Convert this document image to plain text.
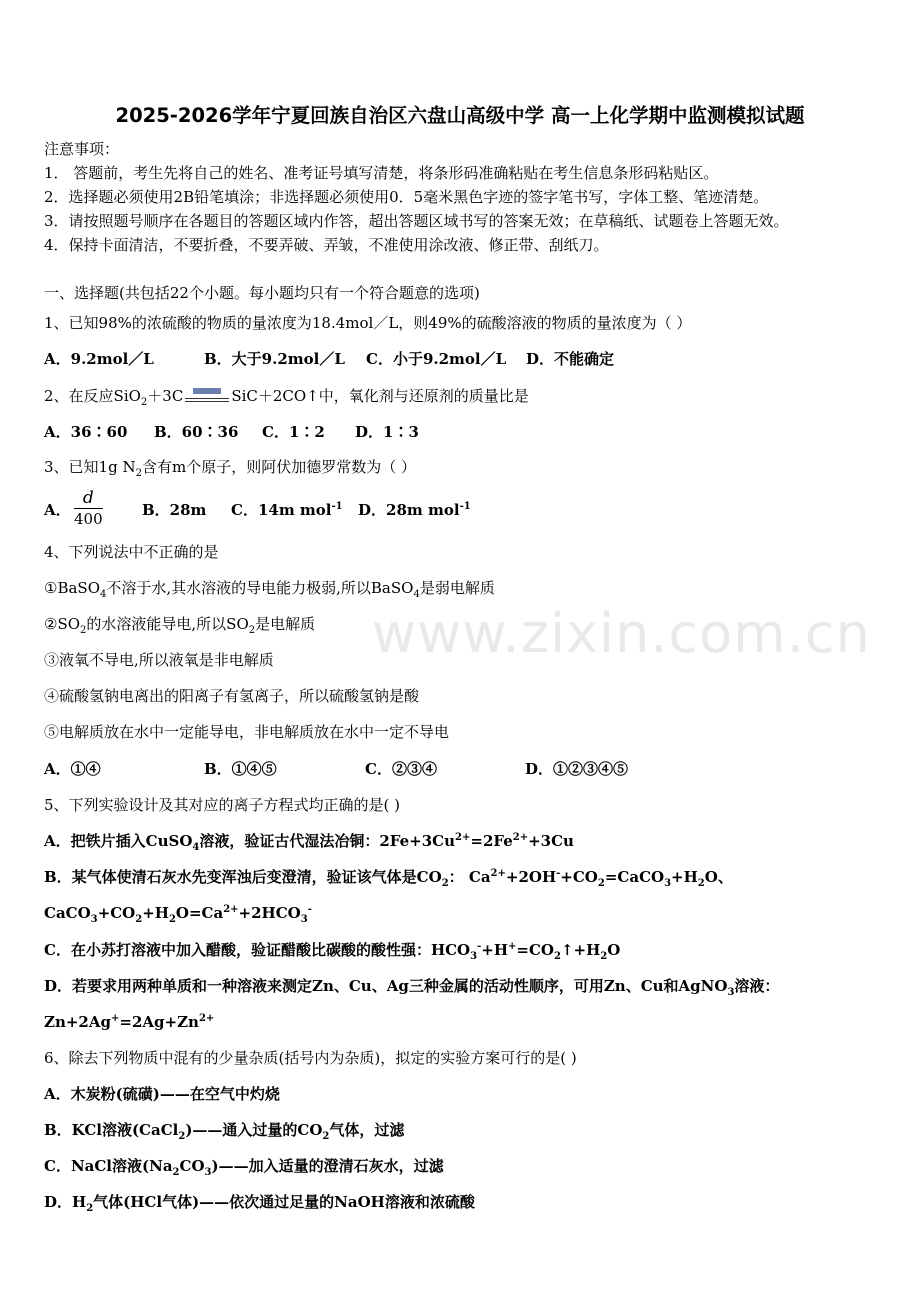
www.zixin.com.cn
2025-2026学年宁夏回族自治区六盘山高级中学 高一上化学期中监测模拟试题
注意事项：
1． 答题前，考生先将自己的姓名、准考证号填写清楚，将条形码准确粘贴在考生信息条形码粘贴区。
2．选择题必须使用2B铅笔填涂；非选择题必须使用0．5毫米黑色字迹的签字笔书写，字体工整、笔迹清楚。
3．请按照题号顺序在各题目的答题区域内作答，超出答题区域书写的答案无效；在草稿纸、试题卷上答题无效。
4．保持卡面清洁，不要折叠，不要弄破、弄皱，不准使用涂改液、修正带、刮纸刀。
一、选择题(共包括22个小题。每小题均只有一个符合题意的选项)
1、已知98%的浓硫酸的物质的量浓度为18.4mol／L，则49%的硫酸溶液的物质的量浓度为（ ）
A．9.2mol／L	B．大于9.2mol／L C．小于9.2mol／L D．不能确定
2、在反应SiO$_2$＋3C	SiC＋2CO↑中，氧化剂与还原剂的质量比是
A．36∶60 B．60∶36 C．1∶2 D．1∶3
3、已知1g $N_2$含有m个原子，则阿伏加德罗常数为（ ）
A． $\frac{d}{400}$	B．28m C．14m mol$^{-1}$ D．28m mol$^{-1}$
4、下列说法中不正确的是
①BaSO$_4$不溶于水,其水溶液的导电能力极弱,所以BaSO$_4$是弱电解质
$②SO_2$的水溶液能导电,所以$SO_2$是电解质
③液氧不导电,所以液氧是非电解质
④硫酸氢钠电离出的阳离子有氢离子，所以硫酸氢钠是酸
⑤电解质放在水中一定能导电，非电解质放在水中一定不导电
A．①④	B．①④⑤	C．②③④	D．①②③④⑤
5、下列实验设计及其对应的离子方程式均正确的是( )
A．把铁片插入CuSO$_4$溶液，验证古代湿法冶铜：$2Fe+3Cu^{2+}=2Fe^{2+}+3Cu$
B．某气体使清石灰水先变浑浊后变澄清，验证该气体是$CO_2$： $Ca^{2+}+2OH^-+CO_2=CaCO_3+H_2O$、
$CaCO_3+CO_2+H_2O=Ca^{2+}+2HCO_3^-$
C．在小苏打溶液中加入醋酸，验证醋酸比碳酸的酸性强：$HCO_3^-+H^+=CO_2↑+H_2O$
D．若要求用两种单质和一种溶液来测定Zn、Cu、Ag三种金属的活动性顺序，可用Zn、Cu和AgNO$_3$溶液：
$Zn+2Ag^+=2Ag+Zn^{2+}$
6、除去下列物质中混有的少量杂质(括号内为杂质)，拟定的实验方案可行的是( )
A．木炭粉(硫磺)——在空气中灼烧
B．KCl溶液(CaCl$_2$)——通入过量的$CO_2$气体，过滤
C．NaCl溶液$(Na_2CO_3)——$加入适量的澄清石灰水，过滤
D．$H_2$气体(HCl气体)——依次通过足量的NaOH溶液和浓硫酸
